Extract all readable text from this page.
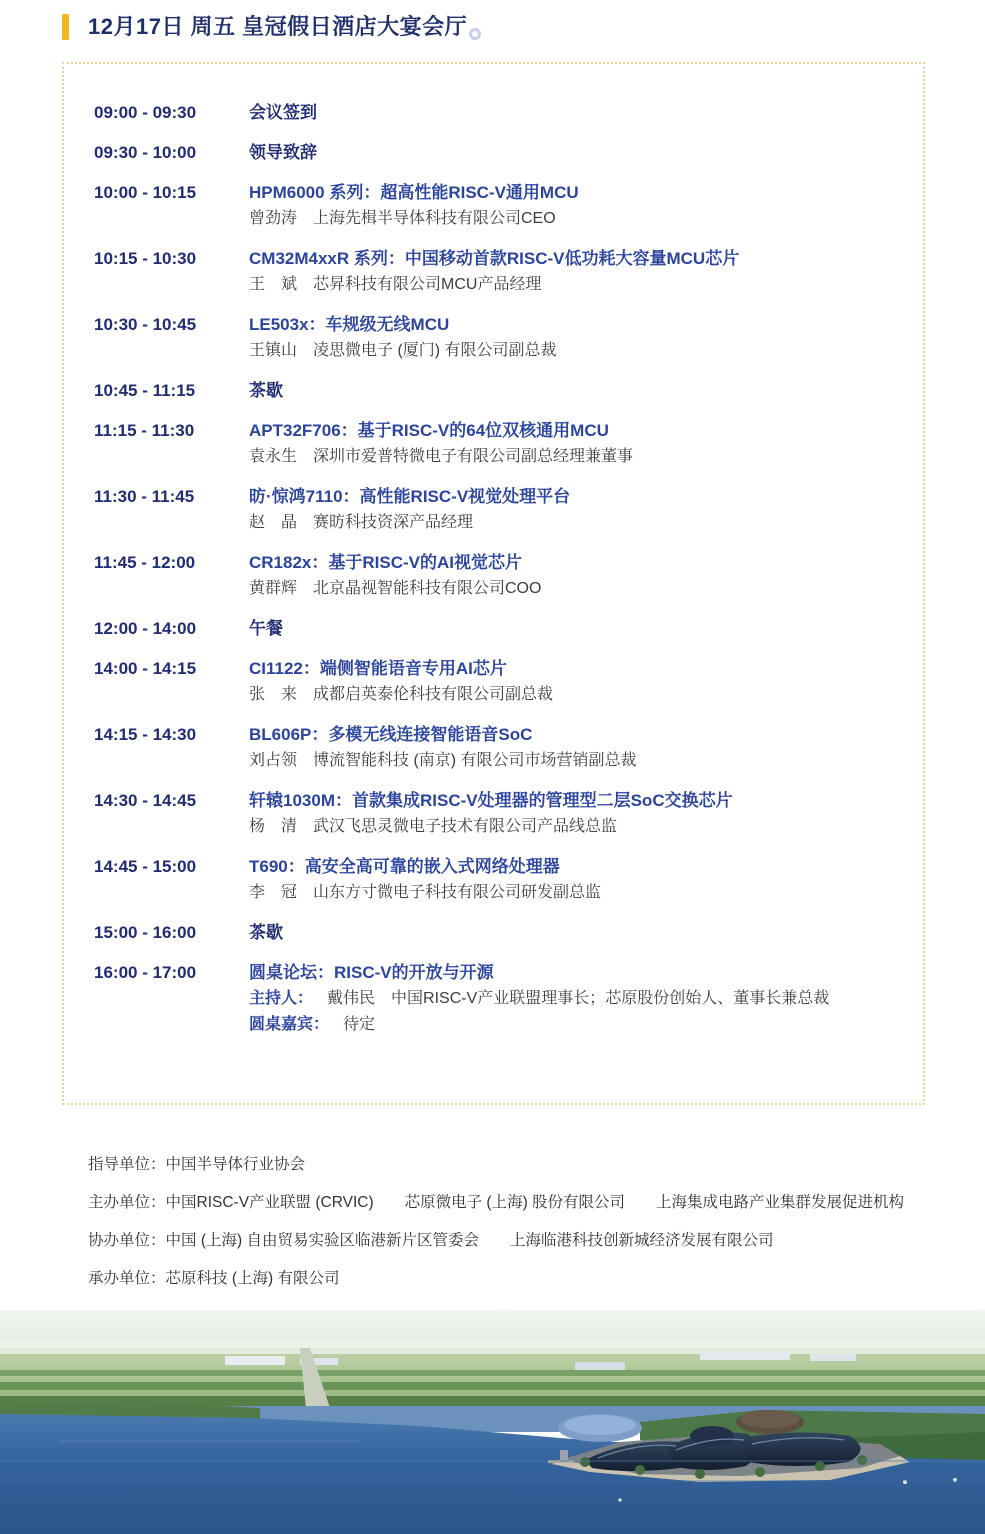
12月17日 周五 皇冠假日酒店大宴会厅
09:00 - 09:30	会议签到
09:30 - 10:00	领导致辞
10:00 - 10:15	HPM6000 系列：超高性能RISC-V通用MCU
曾劲涛　上海先楫半导体科技有限公司CEO
10:15 - 10:30	CM32M4xxR 系列：中国移动首款RISC-V低功耗大容量MCU芯片
王　斌　芯昇科技有限公司MCU产品经理
10:30 - 10:45	LE503x：车规级无线MCU
王镇山　凌思微电子 (厦门) 有限公司副总裁
10:45 - 11:15	茶歇
11:15 - 11:30	APT32F706：基于RISC-V的64位双核通用MCU
袁永生　深圳市爱普特微电子有限公司副总经理兼董事
11:30 - 11:45	昉·惊鸿7110：高性能RISC-V视觉处理平台
赵　晶　赛昉科技资深产品经理
11:45 - 12:00	CR182x：基于RISC-V的AI视觉芯片
黄群辉　北京晶视智能科技有限公司COO
12:00 - 14:00	午餐
14:00 - 14:15	CI1122：端侧智能语音专用AI芯片
张　来　成都启英泰伦科技有限公司副总裁
14:15 - 14:30	BL606P：多模无线连接智能语音SoC
刘占领　博流智能科技 (南京) 有限公司市场营销副总裁
14:30 - 14:45	轩辕1030M：首款集成RISC-V处理器的管理型二层SoC交换芯片
杨　清　武汉飞思灵微电子技术有限公司产品线总监
14:45 - 15:00	T690：高安全高可靠的嵌入式网络处理器
李　冠　山东方寸微电子科技有限公司研发副总监
15:00 - 16:00	茶歇
16:00 - 17:00	圆桌论坛：RISC-V的开放与开源
主持人： 戴伟民　中国RISC-V产业联盟理事长；芯原股份创始人、董事长兼总裁
圆桌嘉宾： 待定
指导单位：中国半导体行业协会
主办单位：中国RISC-V产业联盟 (CRVIC)　　芯原微电子 (上海) 股份有限公司　　上海集成电路产业集群发展促进机构
协办单位：中国 (上海) 自由贸易实验区临港新片区管委会　　上海临港科技创新城经济发展有限公司
承办单位：芯原科技 (上海) 有限公司
